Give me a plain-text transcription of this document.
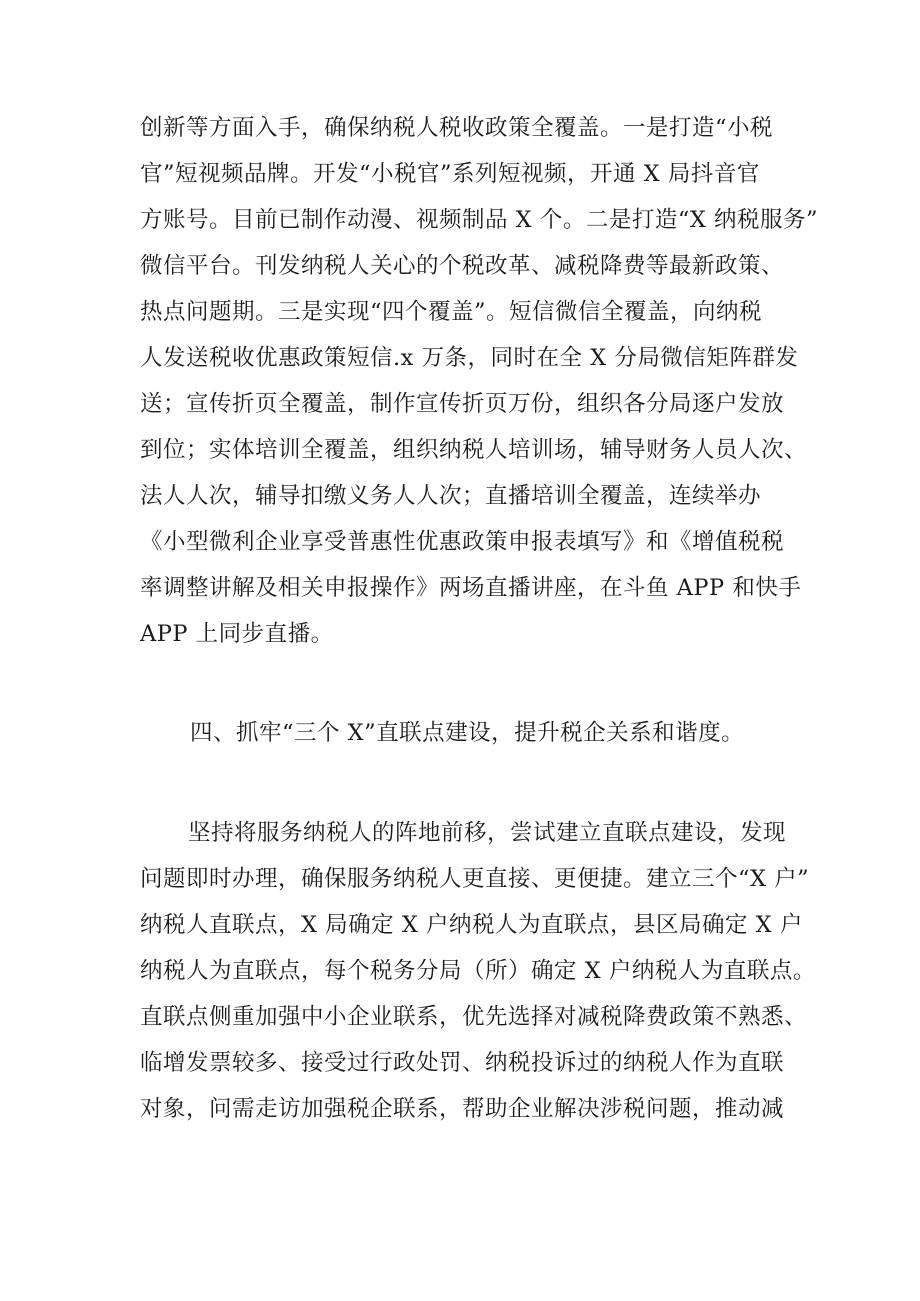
创新等方面入手，确保纳税人税收政策全覆盖。一是打造“小税
官”短视频品牌。开发“小税官”系列短视频，开通 X 局抖音官
方账号。目前已制作动漫、视频制品 X 个。二是打造“X 纳税服务”
微信平台。刊发纳税人关心的个税改革、减税降费等最新政策、
热点问题期。三是实现“四个覆盖”。短信微信全覆盖，向纳税
人发送税收优惠政策短信.x 万条，同时在全 X 分局微信矩阵群发
送；宣传折页全覆盖，制作宣传折页万份，组织各分局逐户发放
到位；实体培训全覆盖，组织纳税人培训场，辅导财务人员人次、
法人人次，辅导扣缴义务人人次；直播培训全覆盖，连续举办
《小型微利企业享受普惠性优惠政策申报表填写》和《增值税税
率调整讲解及相关申报操作》两场直播讲座，在斗鱼 APP 和快手
APP 上同步直播。
四、抓牢“三个 X”直联点建设，提升税企关系和谐度。
坚持将服务纳税人的阵地前移，尝试建立直联点建设，发现
问题即时办理，确保服务纳税人更直接、更便捷。建立三个“X 户”
纳税人直联点，X 局确定 X 户纳税人为直联点，县区局确定 X 户
纳税人为直联点，每个税务分局（所）确定 X 户纳税人为直联点。
直联点侧重加强中小企业联系，优先选择对减税降费政策不熟悉、
临增发票较多、接受过行政处罚、纳税投诉过的纳税人作为直联
对象，问需走访加强税企联系，帮助企业解决涉税问题，推动减
